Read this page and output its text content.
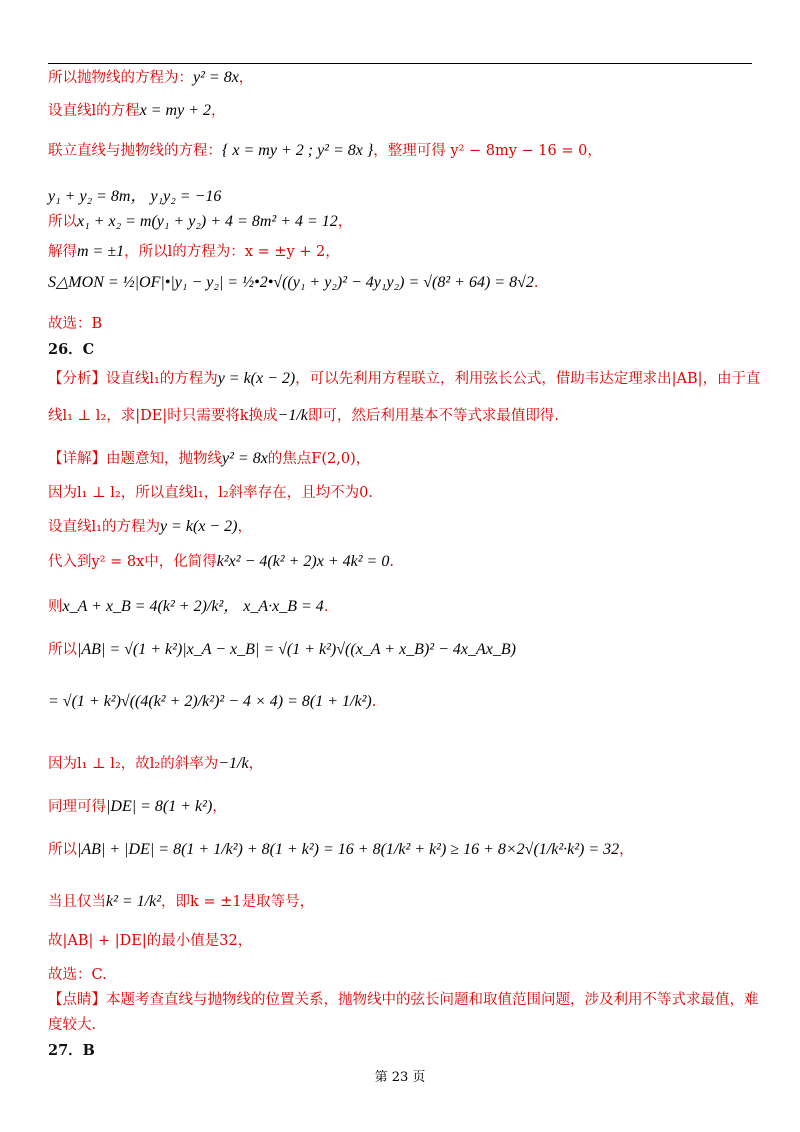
所以抛物线的方程为：y² = 8x，
设直线l的方程x = my + 2，
联立直线与抛物线的方程：{ x = my + 2 ; y² = 8x }，整理可得 y² − 8my − 16 = 0，
y₁ + y₂ = 8m， y₁y₂ = −16
所以x₁ + x₂ = m(y₁ + y₂) + 4 = 8m² + 4 = 12，
解得m = ±1，所以l的方程为：x = ±y + 2，
S△MON = ½|OF|•|y₁ − y₂| = ½•2•√((y₁ + y₂)² − 4y₁y₂) = √(8² + 64) = 8√2.
故选：B
26．C
【分析】设直线l₁的方程为y = k(x − 2)，可以先利用方程联立，利用弦长公式，借助韦达定理求出|AB|，由于直
线l₁ ⊥ l₂，求|DE|时只需要将k换成−1/k即可，然后利用基本不等式求最值即得.
【详解】由题意知，抛物线y² = 8x的焦点F(2,0)，
因为l₁ ⊥ l₂，所以直线l₁，l₂斜率存在，且均不为0.
设直线l₁的方程为y = k(x − 2)，
代入到y² = 8x中，化简得k²x² − 4(k² + 2)x + 4k² = 0.
则x_A + x_B = 4(k² + 2)/k²， x_A·x_B = 4.
所以|AB| = √(1 + k²)|x_A − x_B| = √(1 + k²)√((x_A + x_B)² − 4x_Ax_B)
= √(1 + k²)√((4(k² + 2)/k²)² − 4 × 4) = 8(1 + 1/k²).
因为l₁ ⊥ l₂，故l₂的斜率为−1/k，
同理可得|DE| = 8(1 + k²)，
所以|AB| + |DE| = 8(1 + 1/k²) + 8(1 + k²) = 16 + 8(1/k² + k²) ≥ 16 + 8×2√(1/k²·k²) = 32，
当且仅当k² = 1/k²，即k = ±1是取等号，
故|AB| + |DE|的最小值是32，
故选：C.
【点睛】本题考查直线与抛物线的位置关系，抛物线中的弦长问题和取值范围问题，涉及利用不等式求最值，难
度较大.
27．B
第 23 页
